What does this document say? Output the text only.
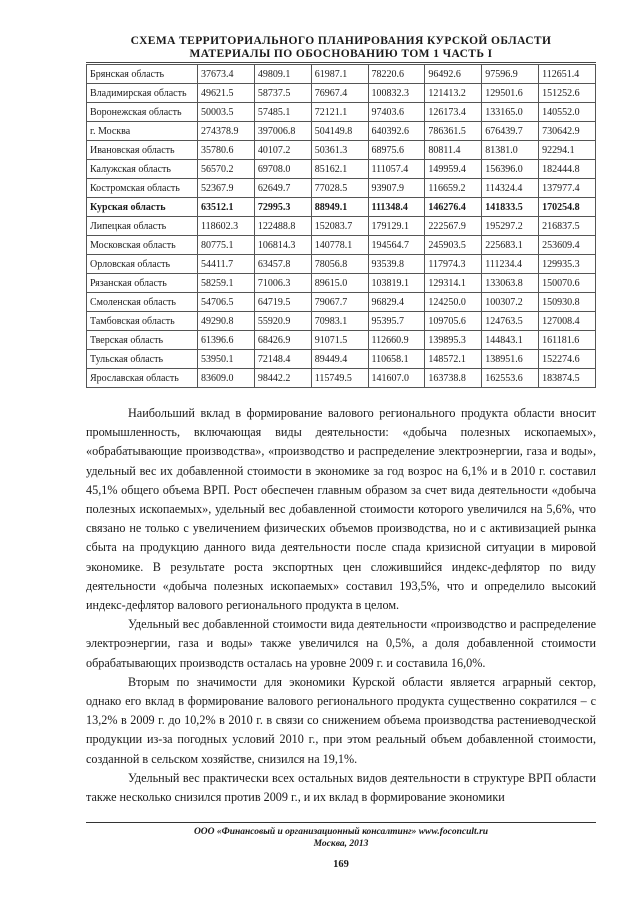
СХЕМА ТЕРРИТОРИАЛЬНОГО ПЛАНИРОВАНИЯ КУРСКОЙ ОБЛАСТИ
МАТЕРИАЛЫ ПО ОБОСНОВАНИЮ ТОМ 1 ЧАСТЬ I
Брянская область	37673.4	49809.1	61987.1	78220.6	96492.6	97596.9	112651.4
Владимирская область	49621.5	58737.5	76967.4	100832.3	121413.2	129501.6	151252.6
Воронежская область	50003.5	57485.1	72121.1	97403.6	126173.4	133165.0	140552.0
г. Москва	274378.9	397006.8	504149.8	640392.6	786361.5	676439.7	730642.9
Ивановская область	35780.6	40107.2	50361.3	68975.6	80811.4	81381.0	92294.1
Калужская область	56570.2	69708.0	85162.1	111057.4	149959.4	156396.0	182444.8
Костромская область	52367.9	62649.7	77028.5	93907.9	116659.2	114324.4	137977.4
Курская область	63512.1	72995.3	88949.1	111348.4	146276.4	141833.5	170254.8
Липецкая область	118602.3	122488.8	152083.7	179129.1	222567.9	195297.2	216837.5
Московская область	80775.1	106814.3	140778.1	194564.7	245903.5	225683.1	253609.4
Орловская область	54411.7	63457.8	78056.8	93539.8	117974.3	111234.4	129935.3
Рязанская область	58259.1	71006.3	89615.0	103819.1	129314.1	133063.8	150070.6
Смоленская область	54706.5	64719.5	79067.7	96829.4	124250.0	100307.2	150930.8
Тамбовская область	49290.8	55920.9	70983.1	95395.7	109705.6	124763.5	127008.4
Тверская область	61396.6	68426.9	91071.5	112660.9	139895.3	144843.1	161181.6
Тульская область	53950.1	72148.4	89449.4	110658.1	148572.1	138951.6	152274.6
Ярославская область	83609.0	98442.2	115749.5	141607.0	163738.8	162553.6	183874.5

Наибольший вклад в формирование валового регионального продукта области вносит промышленность, включающая виды деятельности: «добыча полезных ископаемых», «обрабатывающие производства», «производство и распределение электроэнергии, газа и воды», удельный вес их добавленной стоимости в экономике за год возрос на 6,1% и в 2010 г. составил 45,1% общего объема ВРП. Рост обеспечен главным образом за счет вида деятельности «добыча полезных ископаемых», удельный вес добавленной стоимости которого увеличился на 5,6%, что связано не только с увеличением физических объемов производства, но и с активизацией рынка сбыта на продукцию данного вида деятельности после спада кризисной ситуации в мировой экономике. В результате роста экспортных цен сложившийся индекс-дефлятор по виду деятельности «добыча полезных ископаемых» составил 193,5%, что и определило высокий индекс-дефлятор валового регионального продукта в целом.

Удельный вес добавленной стоимости вида деятельности «производство и распределение электроэнергии, газа и воды» также увеличился на 0,5%, а доля добавленной стоимости обрабатывающих производств осталась на уровне 2009 г. и составила 16,0%.

Вторым по значимости для экономики Курской области является аграрный сектор, однако его вклад в формирование валового регионального продукта существенно сократился – с 13,2% в 2009 г. до 10,2% в 2010 г. в связи со снижением объема производства растениеводческой продукции из-за погодных условий 2010 г., при этом реальный объем добавленной стоимости, созданной в сельском хозяйстве, снизился на 19,1%.

Удельный вес практически всех остальных видов деятельности в структуре ВРП области также несколько снизился против 2009 г., и их вклад в формирование экономики

ООО «Финансовый и организационный консалтинг» www.foconcult.ru
Москва, 2013
169
